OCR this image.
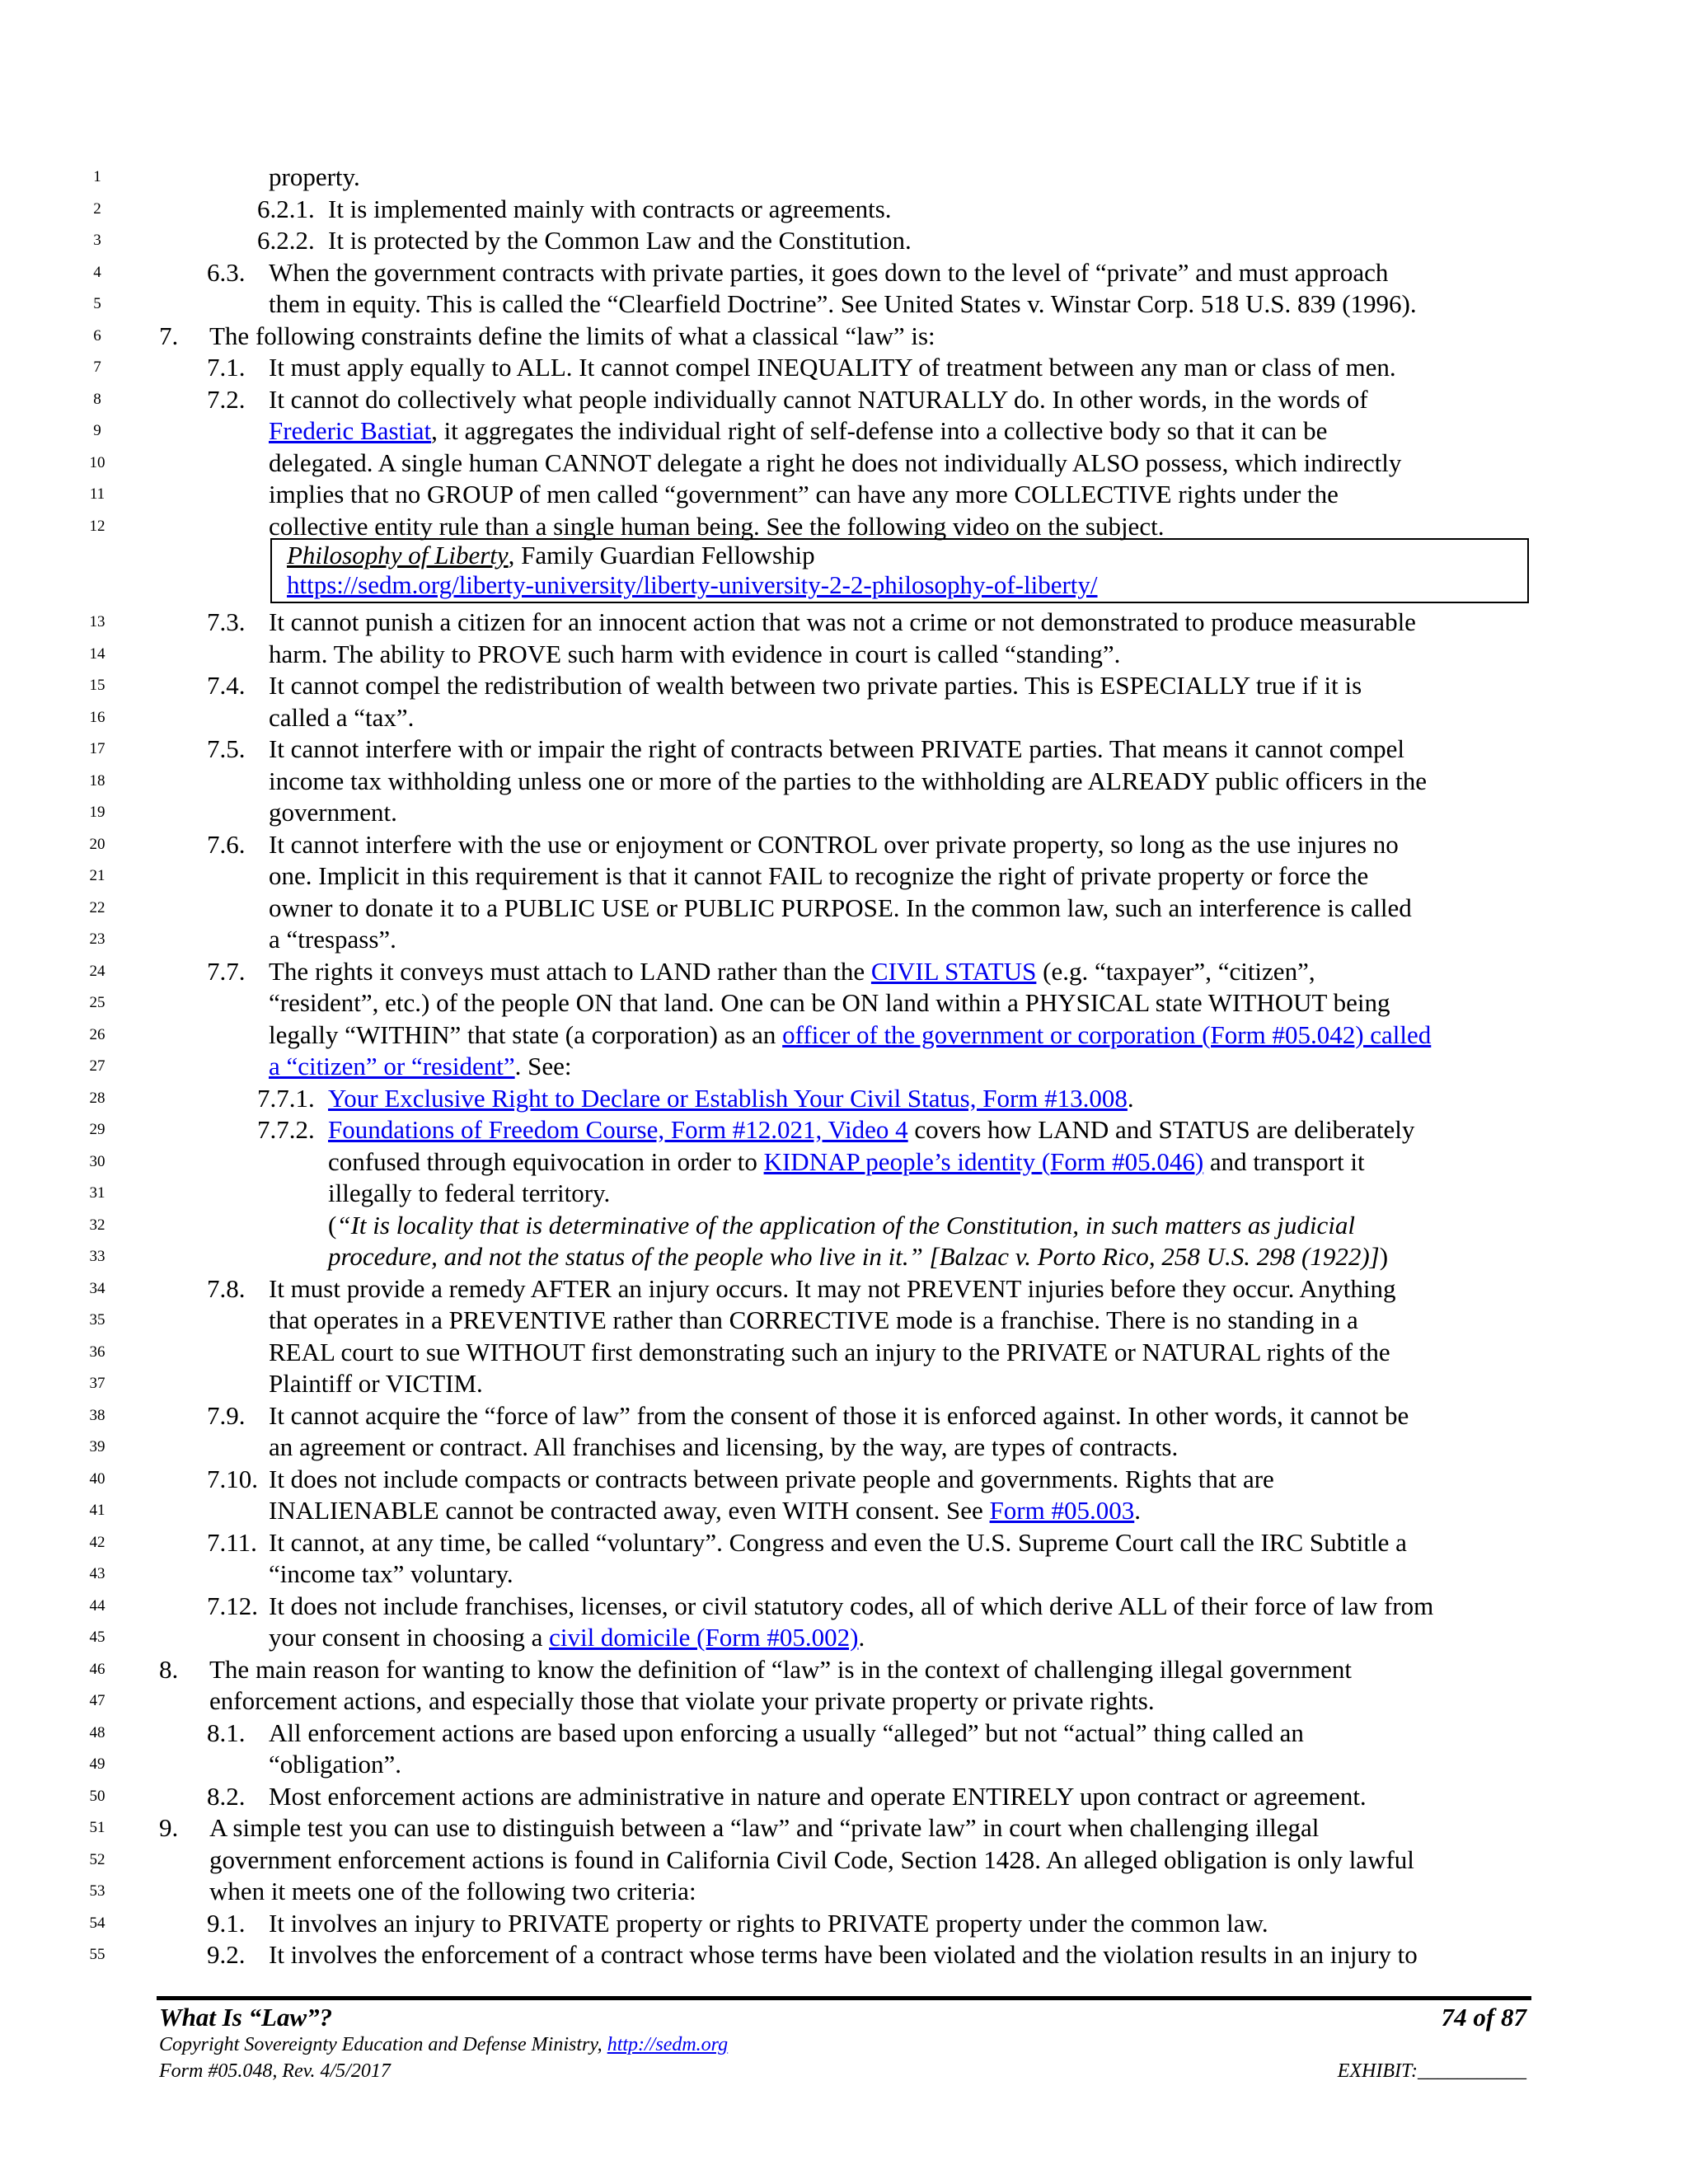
1	property.
2	6.2.1. It is implemented mainly with contracts or agreements.
3	6.2.2. It is protected by the Common Law and the Constitution.
4	6.3. When the government contracts with private parties, it goes down to the level of “private” and must approach
5	them in equity. This is called the “Clearfield Doctrine”. See United States v. Winstar Corp. 518 U.S. 839 (1996).
6	7. The following constraints define the limits of what a classical “law” is:
7	7.1. It must apply equally to ALL. It cannot compel INEQUALITY of treatment between any man or class of men.
8	7.2. It cannot do collectively what people individually cannot NATURALLY do. In other words, in the words of
9	Frederic Bastiat, it aggregates the individual right of self-defense into a collective body so that it can be
10	delegated. A single human CANNOT delegate a right he does not individually ALSO possess, which indirectly
11	implies that no GROUP of men called “government” can have any more COLLECTIVE rights under the
12	collective entity rule than a single human being. See the following video on the subject.
13	7.3. It cannot punish a citizen for an innocent action that was not a crime or not demonstrated to produce measurable
14	harm. The ability to PROVE such harm with evidence in court is called “standing”.
15	7.4. It cannot compel the redistribution of wealth between two private parties. This is ESPECIALLY true if it is
16	called a “tax”.
17	7.5. It cannot interfere with or impair the right of contracts between PRIVATE parties. That means it cannot compel
18	income tax withholding unless one or more of the parties to the withholding are ALREADY public officers in the
19	government.
20	7.6. It cannot interfere with the use or enjoyment or CONTROL over private property, so long as the use injures no
21	one. Implicit in this requirement is that it cannot FAIL to recognize the right of private property or force the
22	owner to donate it to a PUBLIC USE or PUBLIC PURPOSE. In the common law, such an interference is called
23	a “trespass”.
24	7.7. The rights it conveys must attach to LAND rather than the CIVIL STATUS (e.g. “taxpayer”, “citizen”,
25	“resident”, etc.) of the people ON that land. One can be ON land within a PHYSICAL state WITHOUT being
26	legally “WITHIN” that state (a corporation) as an officer of the government or corporation (Form #05.042) called
27	a “citizen” or “resident”. See:
28	7.7.1. Your Exclusive Right to Declare or Establish Your Civil Status, Form #13.008.
29	7.7.2. Foundations of Freedom Course, Form #12.021, Video 4 covers how LAND and STATUS are deliberately
30	confused through equivocation in order to KIDNAP people’s identity (Form #05.046) and transport it
31	illegally to federal territory.
32	(“It is locality that is determinative of the application of the Constitution, in such matters as judicial
33	procedure, and not the status of the people who live in it.” [Balzac v. Porto Rico, 258 U.S. 298 (1922)])
34	7.8. It must provide a remedy AFTER an injury occurs. It may not PREVENT injuries before they occur. Anything
35	that operates in a PREVENTIVE rather than CORRECTIVE mode is a franchise. There is no standing in a
36	REAL court to sue WITHOUT first demonstrating such an injury to the PRIVATE or NATURAL rights of the
37	Plaintiff or VICTIM.
38	7.9. It cannot acquire the “force of law” from the consent of those it is enforced against. In other words, it cannot be
39	an agreement or contract. All franchises and licensing, by the way, are types of contracts.
40	7.10. It does not include compacts or contracts between private people and governments. Rights that are
41	INALIENABLE cannot be contracted away, even WITH consent. See Form #05.003.
42	7.11. It cannot, at any time, be called “voluntary”. Congress and even the U.S. Supreme Court call the IRC Subtitle a
43	“income tax” voluntary.
44	7.12. It does not include franchises, licenses, or civil statutory codes, all of which derive ALL of their force of law from
45	your consent in choosing a civil domicile (Form #05.002).
46 8. The main reason for wanting to know the definition of “law” is in the context of challenging illegal government
47	enforcement actions, and especially those that violate your private property or private rights.
48	8.1. All enforcement actions are based upon enforcing a usually “alleged” but not “actual” thing called an
49	“obligation”.
50	8.2. Most enforcement actions are administrative in nature and operate ENTIRELY upon contract or agreement.
51 9. A simple test you can use to distinguish between a “law” and “private law” in court when challenging illegal
52	government enforcement actions is found in California Civil Code, Section 1428. An alleged obligation is only lawful
53	when it meets one of the following two criteria:
54	9.1. It involves an injury to PRIVATE property or rights to PRIVATE property under the common law.
55	9.2. It involves the enforcement of a contract whose terms have been violated and the violation results in an injury to
Philosophy of Liberty, Family Guardian Fellowship
https://sedm.org/liberty-university/liberty-university-2-2-philosophy-of-liberty/
What Is “Law”?	74 of 87
Copyright Sovereignty Education and Defense Ministry, http://sedm.org
Form #05.048, Rev. 4/5/2017	EXHIBIT:___________
